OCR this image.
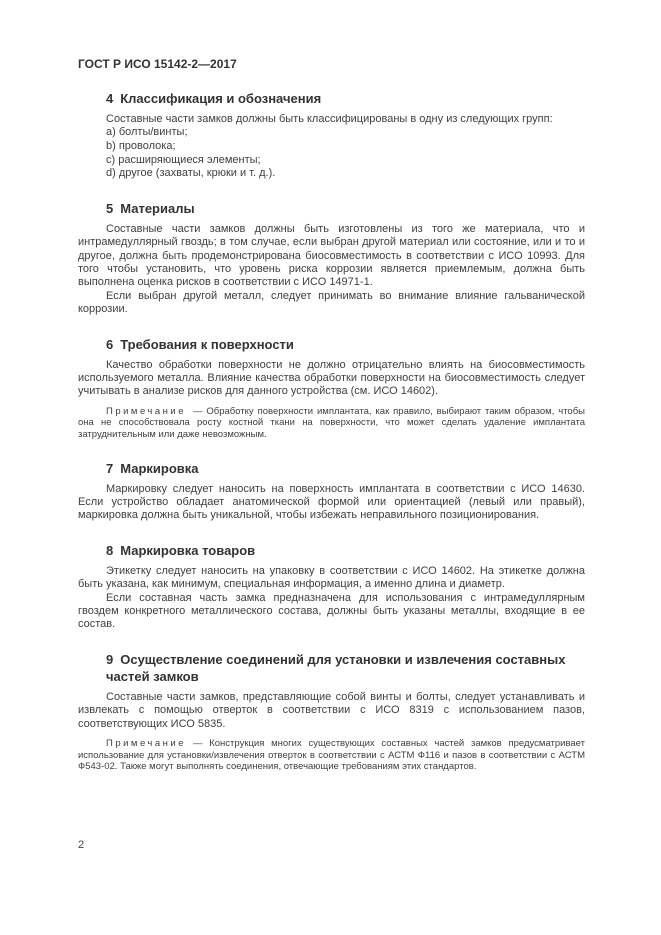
ГОСТ Р ИСО 15142-2—2017
4 Классификация и обозначения

Составные части замков должны быть классифицированы в одну из следующих групп:

a) болты/винты;
b) проволока;
c) расширяющиеся элементы;
d) другое (захваты, крюки и т. д.).
5 Материалы

Составные части замков должны быть изготовлены из того же материала, что и интрамедуллярный гвоздь; в том случае, если выбран другой материал или состояние, или и то и другое, должна быть продемонстрирована биосовместимость в соответствии с ИСО 10993. Для того чтобы установить, что уровень риска коррозии является приемлемым, должна быть выполнена оценка рисков в соответствии с ИСО 14971-1.

Если выбран другой металл, следует принимать во внимание влияние гальванической коррозии.

6 Требования к поверхности

Качество обработки поверхности не должно отрицательно влиять на биосовместимость используемого металла. Влияние качества обработки поверхности на биосовместимость следует учитывать в анализе рисков для данного устройства (см. ИСО 14602).

Примечание — Обработку поверхности имплантата, как правило, выбирают таким образом, чтобы она не способствовала росту костной ткани на поверхности, что может сделать удаление имплантата затруднительным или даже невозможным.

7 Маркировка

Маркировку следует наносить на поверхность имплантата в соответствии с ИСО 14630. Если устройство обладает анатомической формой или ориентацией (левый или правый), маркировка должна быть уникальной, чтобы избежать неправильного позиционирования.

8 Маркировка товаров

Этикетку следует наносить на упаковку в соответствии с ИСО 14602. На этикетке должна быть указана, как минимум, специальная информация, а именно длина и диаметр.

Если составная часть замка предназначена для использования с интрамедуллярным гвоздем конкретного металлического состава, должны быть указаны металлы, входящие в ее состав.

9 Осуществление соединений для установки и извлечения составных частей замков

Составные части замков, представляющие собой винты и болты, следует устанавливать и извлекать с помощью отверток в соответствии с ИСО 8319 с использованием пазов, соответствующих ИСО 5835.

Примечание — Конструкция многих существующих составных частей замков предусматривает использование для установки/извлечения отверток в соответствии с АСТМ Ф116 и пазов в соответствии с АСТМ Ф543-02. Также могут выполнять соединения, отвечающие требованиям этих стандартов.

2
